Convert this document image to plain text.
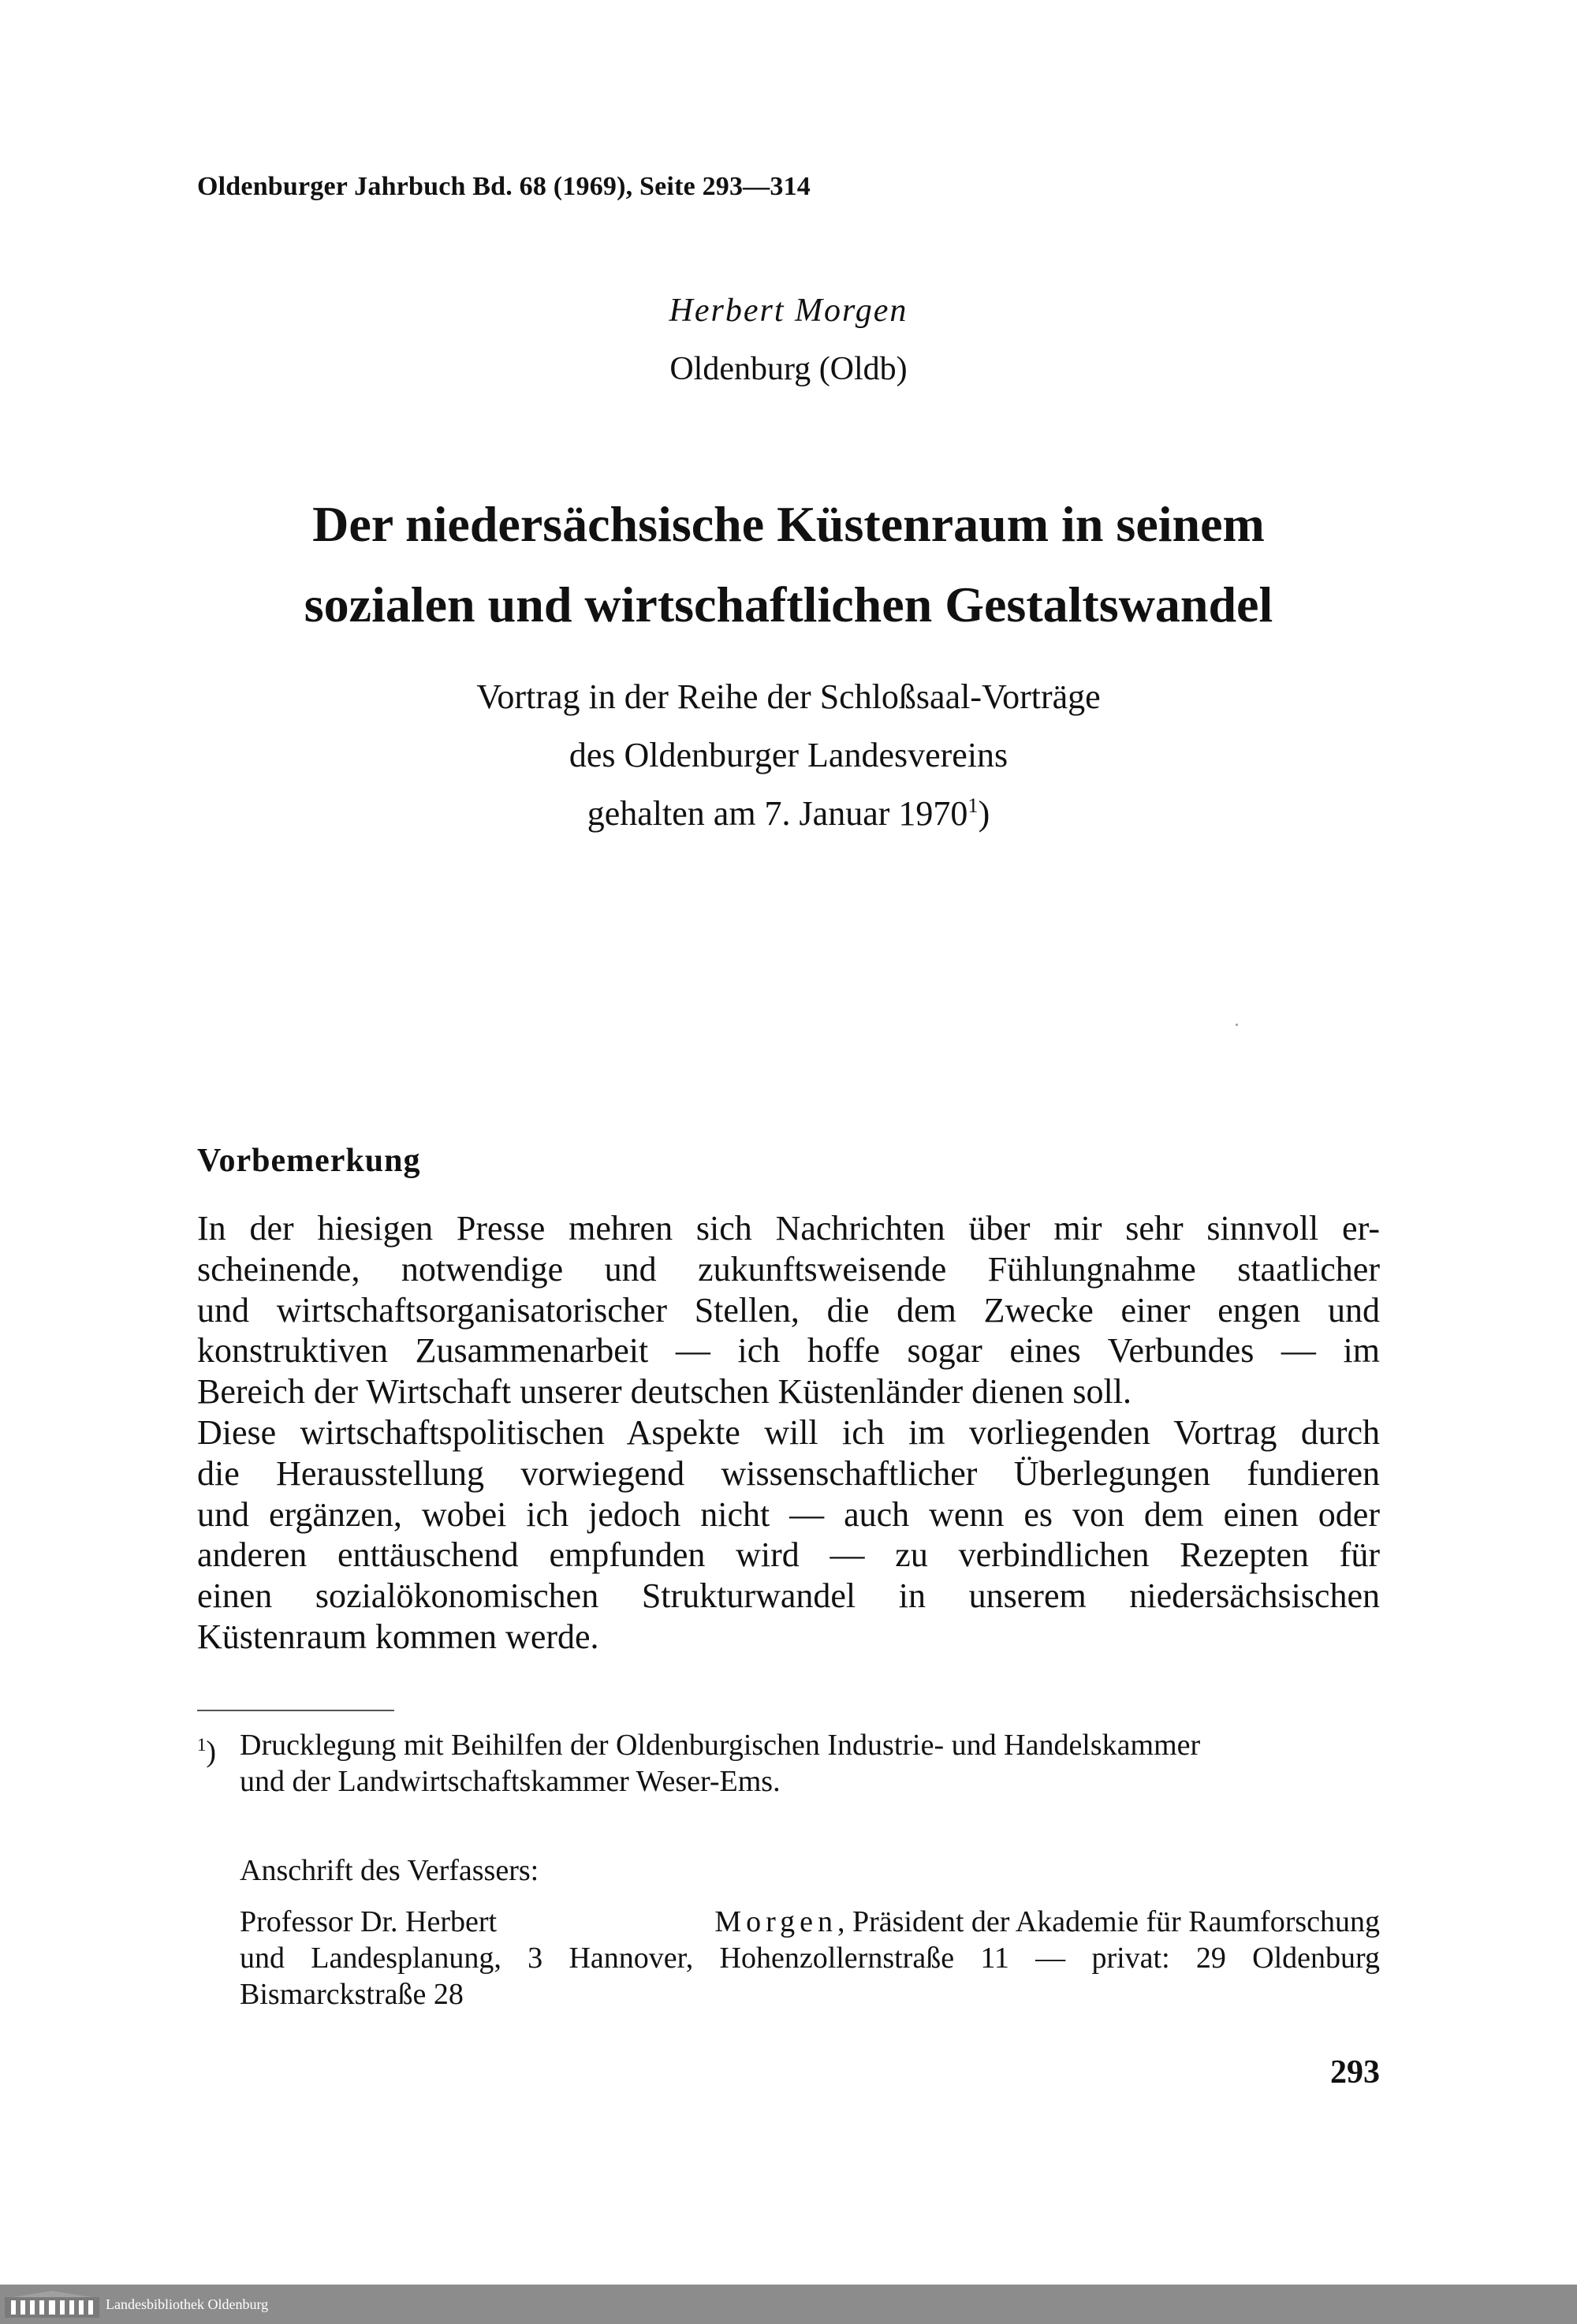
Oldenburger Jahrbuch Bd. 68 (1969), Seite 293—314
Herbert Morgen
Oldenburg (Oldb)
Der niedersächsische Küstenraum in seinem
sozialen und wirtschaftlichen Gestaltswandel
Vortrag in der Reihe der Schloßsaal-Vorträge
des Oldenburger Landesvereins
gehalten am 7. Januar 1970$^1$)
Vorbemerkung

In der hiesigen Presse mehren sich Nachrichten über mir sehr sinnvoll er-

scheinende, notwendige und zukunftsweisende Fühlungnahme staatlicher

und wirtschaftsorganisatorischer Stellen, die dem Zwecke einer engen und

konstruktiven Zusammenarbeit — ich hoffe sogar eines Verbundes — im

Bereich der Wirtschaft unserer deutschen Küstenländer dienen soll.

Diese wirtschaftspolitischen Aspekte will ich im vorliegenden Vortrag durch

die Herausstellung vorwiegend wissenschaftlicher Überlegungen fundieren

und ergänzen, wobei ich jedoch nicht — auch wenn es von dem einen oder

anderen enttäuschend empfunden wird — zu verbindlichen Rezepten für

einen sozialökonomischen Strukturwandel in unserem niedersächsischen

Küstenraum kommen werde.

$^1$) Drucklegung mit Beihilfen der Oldenburgischen Industrie- und Handelskammer
und der Landwirtschaftskammer Weser-Ems.
Anschrift des Verfassers:
Professor Dr. Herbert	Morgen, Präsident der Akademie für Raumforschung
und Landesplanung, 3 Hannover, Hohenzollernstraße 11 — privat: 29 Oldenburg
Bismarckstraße 28
293
Landesbibliothek Oldenburg
